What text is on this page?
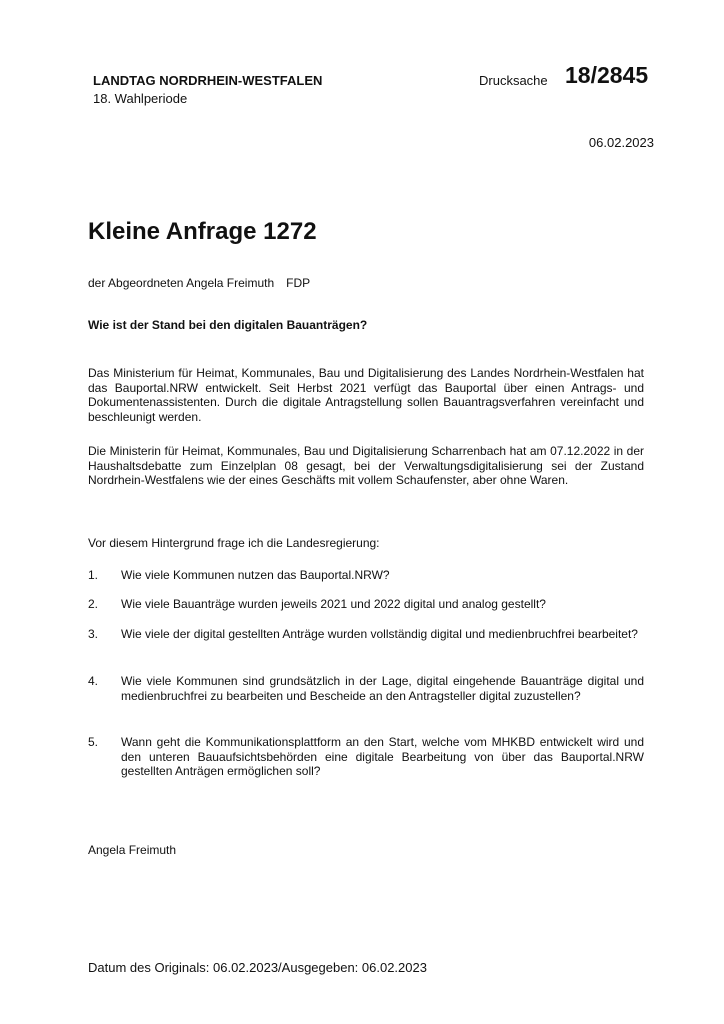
LANDTAG NORDRHEIN-WESTFALEN
18. Wahlperiode
Drucksache 18/2845
06.02.2023
Kleine Anfrage 1272
der Abgeordneten Angela Freimuth FDP
Wie ist der Stand bei den digitalen Bauanträgen?

Das Ministerium für Heimat, Kommunales, Bau und Digitalisierung des Landes Nordrhein-Westfalen hat das Bauportal.NRW entwickelt. Seit Herbst 2021 verfügt das Bauportal über einen Antrags- und Dokumentenassistenten. Durch die digitale Antragstellung sollen Bauantragsverfahren vereinfacht und beschleunigt werden.

Die Ministerin für Heimat, Kommunales, Bau und Digitalisierung Scharrenbach hat am 07.12.2022 in der Haushaltsdebatte zum Einzelplan 08 gesagt, bei der Verwaltungsdigitalisierung sei der Zustand Nordrhein-Westfalens wie der eines Geschäfts mit vollem Schaufenster, aber ohne Waren.

Vor diesem Hintergrund frage ich die Landesregierung:
1.	Wie viele Kommunen nutzen das Bauportal.NRW?
2.	Wie viele Bauanträge wurden jeweils 2021 und 2022 digital und analog gestellt?
3.	Wie viele der digital gestellten Anträge wurden vollständig digital und medienbruchfrei bearbeitet?
4.	Wie viele Kommunen sind grundsätzlich in der Lage, digital eingehende Bauanträge digital und medienbruchfrei zu bearbeiten und Bescheide an den Antragsteller digital zuzustellen?
5.	Wann geht die Kommunikationsplattform an den Start, welche vom MHKBD entwickelt wird und den unteren Bauaufsichtsbehörden eine digitale Bearbeitung von über das Bauportal.NRW gestellten Anträgen ermöglichen soll?
Angela Freimuth
Datum des Originals: 06.02.2023/Ausgegeben: 06.02.2023
